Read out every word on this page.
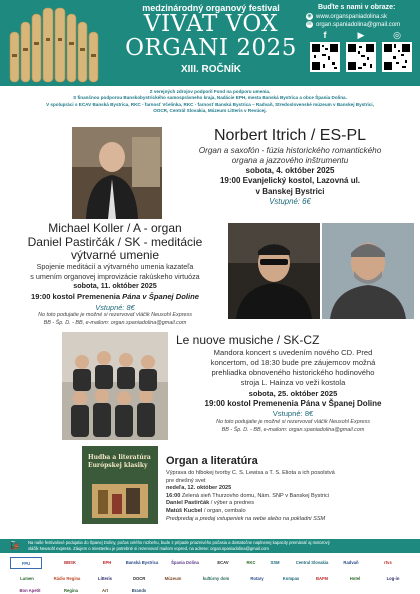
medzinárodný organový festival
VIVAT VOX
ORGANI 2025
XIII. ROČNÍK
Buďte s nami v obraze:
◉ www.organspaniadolina.sk
✉ organ.spaniadolina@gmail.com
f	▶	◎
Z verejných zdrojov podporil Fond na podporu umenia.
S finančnou podporou Banskobystrického samosprávneho kraja, Nadácie EPH, mesta Banská Bystrica a obce Špania Dolina.
V spolupráci s ECAV Banská Bystrica, RKC - farnosť Včelinka, RKC - farnosť Banská Bystrica – Radvaň, Stredoslovenské múzeum v Banskej Bystrici,
OOCR, Centrál Slovakia, Múzeum Litteris v Revúcej.
Norbert Itrich / ES-PL
Organ a saxofón - fúzia historického romantického
organa a jazzového inštrumentu
sobota, 4. október 2025
19:00 Evanjelický kostol, Lazovná ul.
v Banskej Bystrici
Vstupné: 6€
Michael Koller / A - organ
Daniel Pastirčák / SK - meditácie
výtvarné umenie
Spojenie meditácií a výtvarného umenia kazateľa
s umením organovej improvizácie rakúskeho virtuóza
sobota, 11. október 2025
19:00 kostol Premenenia Pána v Španej Doline
Vstupné: 8€
No toto podujatie je možné si rezervovať vláčik Neusohl Express
BB - Šp. D. - BB, e-mailom: organ.spaniadolina@gmail.com
Le nuove musiche / SK-CZ
Mandora koncert s uvedením nového CD. Pred
koncertom, od 18:30 bude pre záujemcov možná
prehliadka obnoveného historického hodinového
stroja L. Hainza vo veži kostola
sobota, 25. október 2025
19:00 kostol Premenenia Pána v Španej Doline
Vstupné: 8€
No toto podujatie je možné si rezervovať vláčik Neusohl Express
BB - Šp. D. - BB, e-mailom: organ.spaniadolina@gmail.com
Hudba a literatúra Európskej klasiky	Organ a literatúra
Výprava do hlbokej tvorby C. S. Lewisa a T. S. Eliota a ich posolstvá
pre dnešný svet
nedeľa, 12. október 2025
16:00 Zelená sieň Thurzovho domu, Nám. SNP v Banskej Bystrici
Daniel Pastirčák / výber a prednes
Matúš Kucbel / organ, cembalo
Predpredaj a predaj vstupeniek na webe alebo na pokladni SSM
🚂	Na naše festivalové podujatia do Španej Doliny, počas celého rozbehu, bude z prípade priaznivého počasia a dostatočne naplnenej kapacity premávať aj motorový
vláčik Neusohl express. Záujem o miestenku je potrebné si rezervovať mailom vopred, na adrese: organ.spaniadolina@gmail.com
FPU	BBSK	EPH	Banská Bystrica	Špania Dolina	ECAV	RKC	SSM	Central Slovakia	Radvaň	rtvs
Lumen	Rádio Regina	Litteris	OOCR	Múzeum	kultúrny dom	Rotary	Kompas	BAFM	Hotel	Log-in
Bon Apetit	Regina	Art	Brands
